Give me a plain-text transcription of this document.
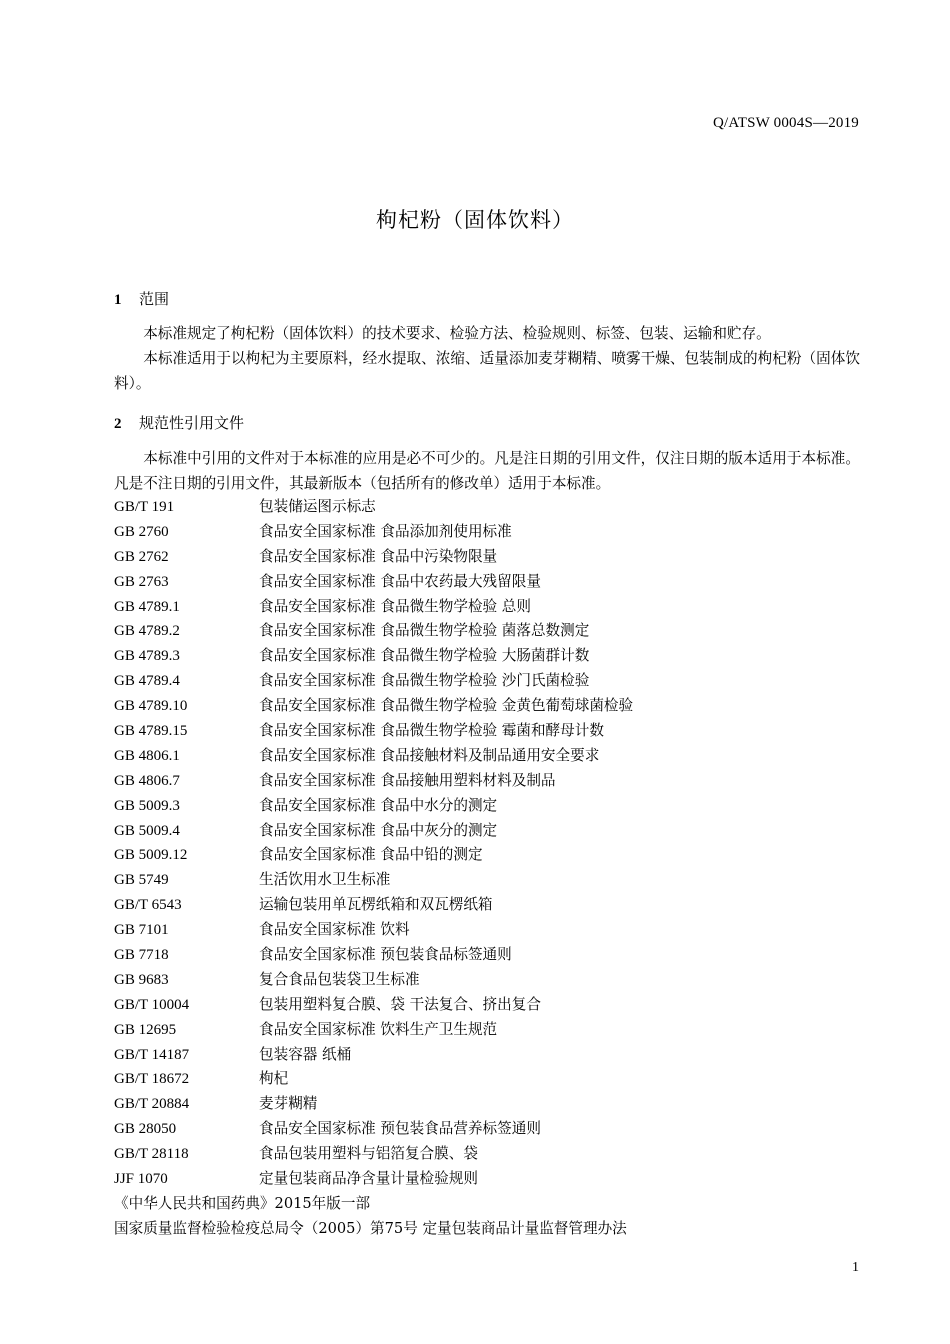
Q/ATSW 0004S—2019
枸杞粉（固体饮料）
1 范围
本标准规定了枸杞粉（固体饮料）的技术要求、检验方法、检验规则、标签、包装、运输和贮存。
本标准适用于以枸杞为主要原料，经水提取、浓缩、适量添加麦芽糊精、喷雾干燥、包装制成的枸杞粉（固体饮料）。
2 规范性引用文件
本标准中引用的文件对于本标准的应用是必不可少的。凡是注日期的引用文件，仅注日期的版本适用于本标准。凡是不注日期的引用文件，其最新版本（包括所有的修改单）适用于本标准。
GB/T 191	包装储运图示标志
GB 2760	食品安全国家标准 食品添加剂使用标准
GB 2762	食品安全国家标准 食品中污染物限量
GB 2763	食品安全国家标准 食品中农药最大残留限量
GB 4789.1	食品安全国家标准 食品微生物学检验 总则
GB 4789.2	食品安全国家标准 食品微生物学检验 菌落总数测定
GB 4789.3	食品安全国家标准 食品微生物学检验 大肠菌群计数
GB 4789.4	食品安全国家标准 食品微生物学检验 沙门氏菌检验
GB 4789.10	食品安全国家标准 食品微生物学检验 金黄色葡萄球菌检验
GB 4789.15	食品安全国家标准 食品微生物学检验 霉菌和酵母计数
GB 4806.1	食品安全国家标准 食品接触材料及制品通用安全要求
GB 4806.7	食品安全国家标准 食品接触用塑料材料及制品
GB 5009.3	食品安全国家标准 食品中水分的测定
GB 5009.4	食品安全国家标准 食品中灰分的测定
GB 5009.12	食品安全国家标准 食品中铅的测定
GB 5749	生活饮用水卫生标准
GB/T 6543	运输包装用单瓦楞纸箱和双瓦楞纸箱
GB 7101	食品安全国家标准 饮料
GB 7718	食品安全国家标准 预包装食品标签通则
GB 9683	复合食品包装袋卫生标准
GB/T 10004	包装用塑料复合膜、袋 干法复合、挤出复合
GB 12695	食品安全国家标准 饮料生产卫生规范
GB/T 14187	包装容器 纸桶
GB/T 18672	枸杞
GB/T 20884	麦芽糊精
GB 28050	食品安全国家标准 预包装食品营养标签通则
GB/T 28118	食品包装用塑料与铝箔复合膜、袋
JJF 1070	定量包装商品净含量计量检验规则
《中华人民共和国药典》2015年版一部
国家质量监督检验检疫总局令（2005）第75号 定量包装商品计量监督管理办法
1
